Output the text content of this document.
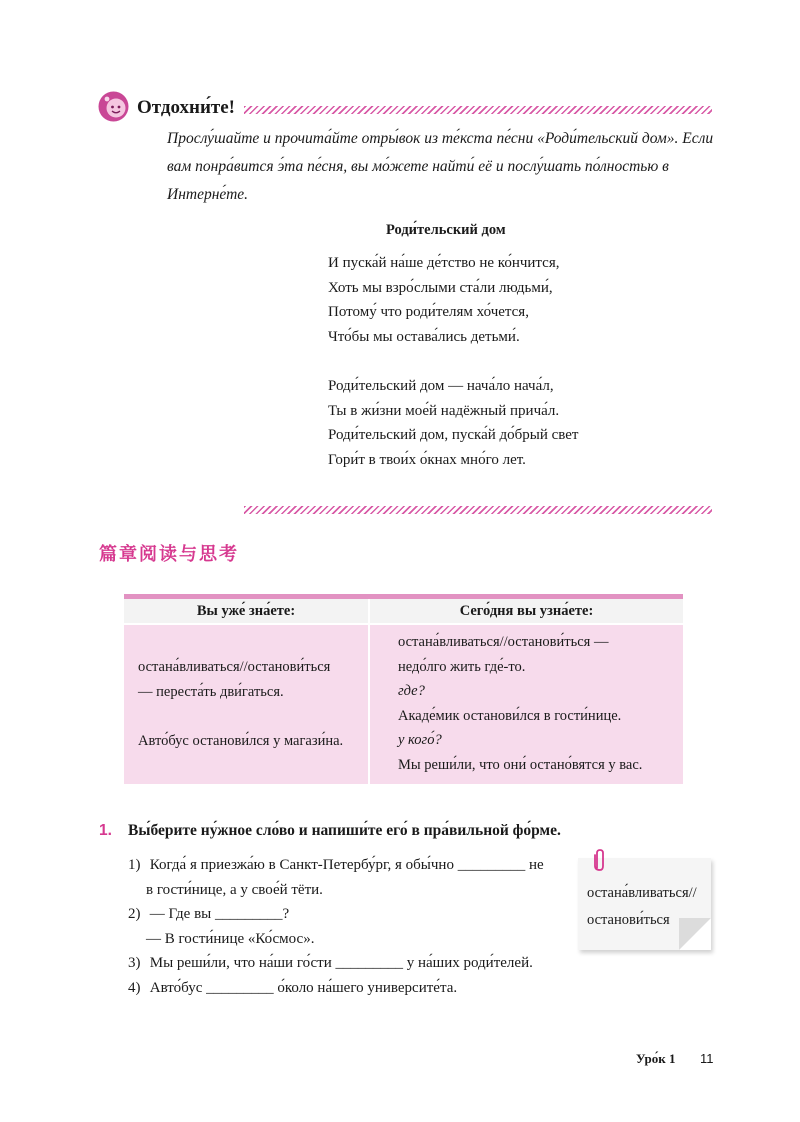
Отдохни́те!
Прослу́шайте и прочита́йте отры́вок из те́кста пе́сни «Роди́тельский дом». Если вам понра́вится э́та пе́сня, вы мо́жете найти́ её и послу́шать по́лностью в Интерне́те.
Роди́тельский дом
И пуска́й на́ше де́тство не ко́нчится,
Хоть мы взро́слыми ста́ли людьми́,
Потому́ что роди́телям хо́чется,
Что́бы мы остава́лись детьми́.
Роди́тельский дом — нача́ло нача́л,
Ты в жи́зни мое́й надёжный прича́л.
Роди́тельский дом, пуска́й до́брый свет
Гори́т в твои́х о́кнах мно́го лет.
篇章阅读与思考
Вы уже́ зна́ете:	Сего́дня вы узна́ете:
остана́вливаться//останови́ться
— переста́ть дви́гаться.

Авто́бус останови́лся у магази́на.
остана́вливаться//останови́ться —
недо́лго жить где́-то.
где?
Акаде́мик останови́лся в гости́нице.
у кого́?
Мы реши́ли, что они́ остано́вятся у вас.
1. Вы́берите ну́жное сло́во и напиши́те его́ в пра́вильной фо́рме.
1) Когда́ я приезжа́ю в Санкт-Петербу́рг, я обы́чно _________ не
в гости́нице, а у свое́й тёти.
2) — Где вы _________?
— В гости́нице «Ко́смос».
3) Мы реши́ли, что на́ши го́сти _________ у на́ших роди́телей.
4) Авто́бус _________ о́коло на́шего университе́та.
остана́вливаться//
останови́ться
Уро́к 1 11
